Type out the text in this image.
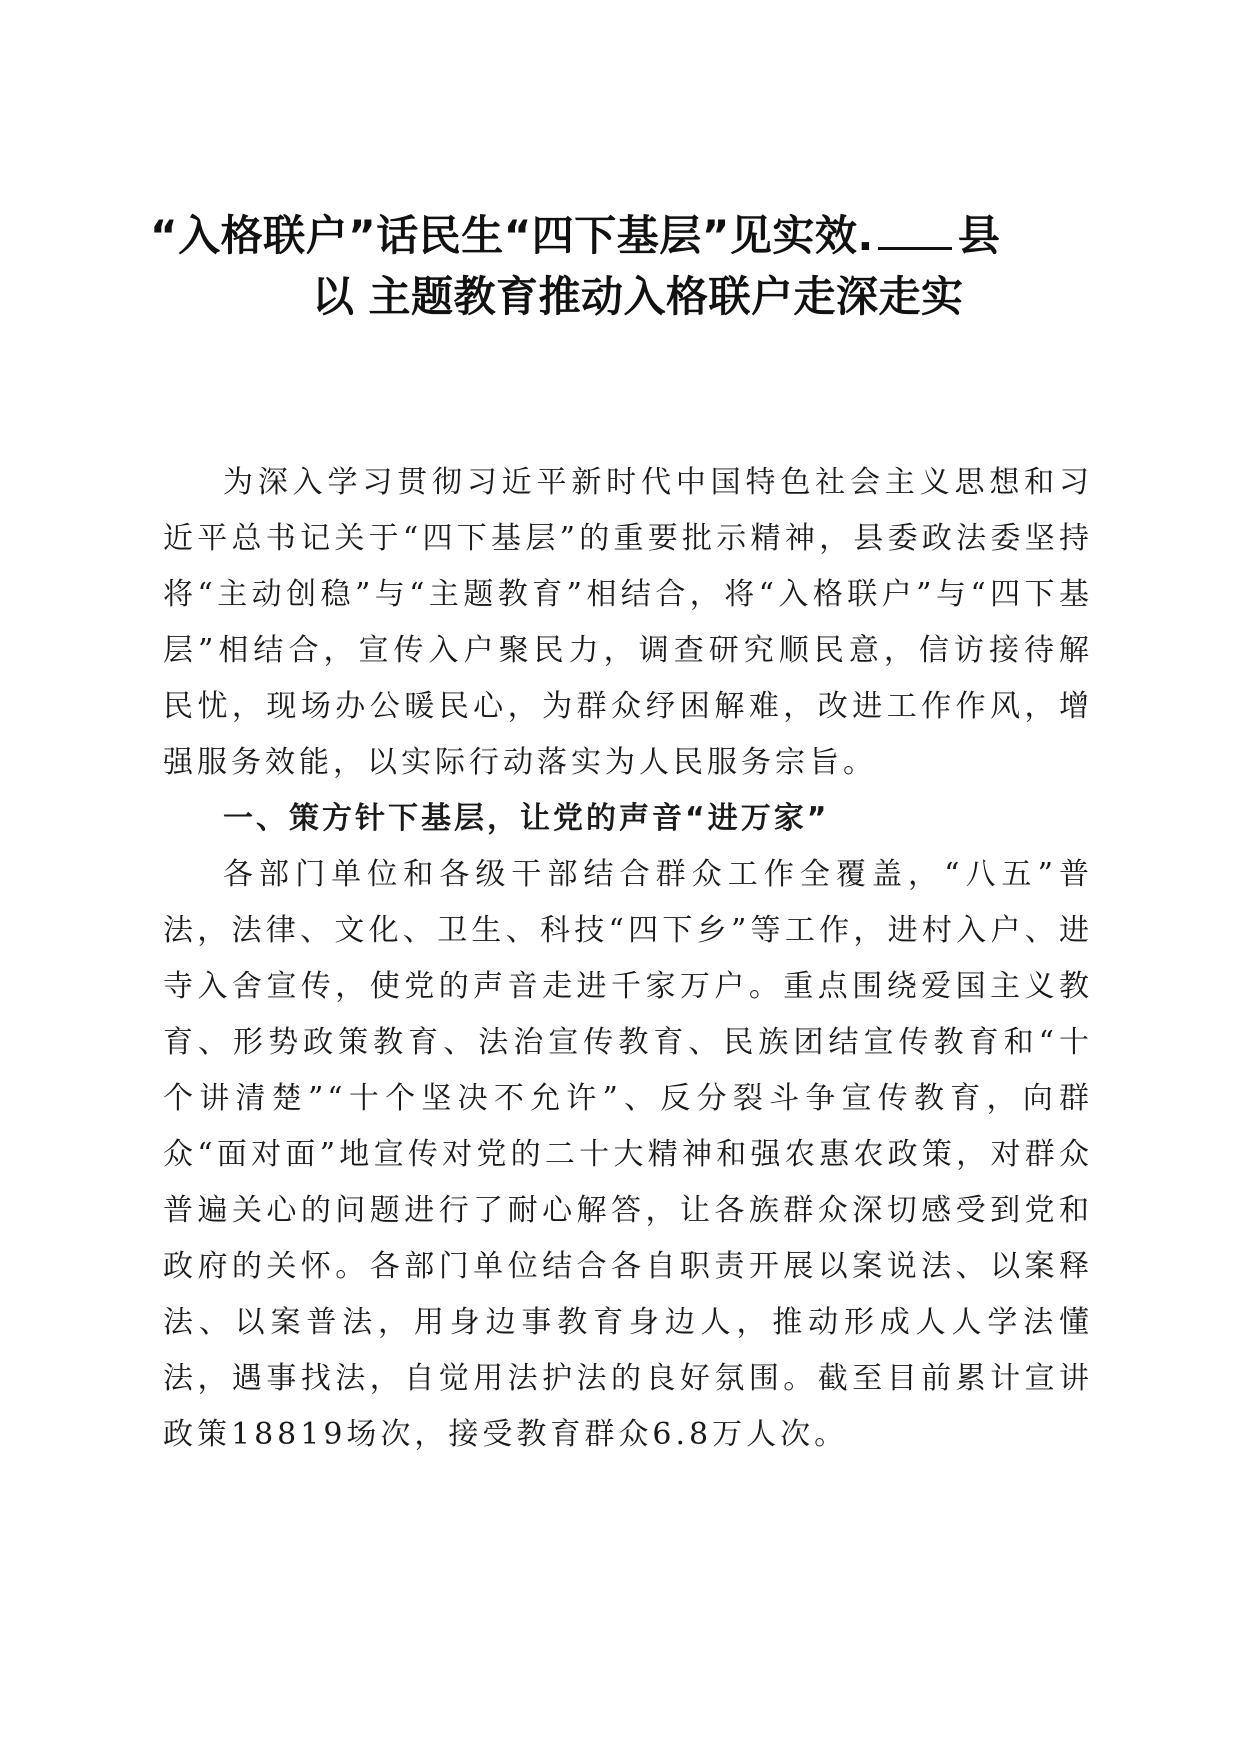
“入格联户”话民生“四下基层”见实效. 县
以 主题教育推动入格联户走深走实

为深入学习贯彻习近平新时代中国特色社会主义思想和习近平总书记关于“四下基层”的重要批示精神，县委政法委坚持将“主动创稳”与“主题教育”相结合，将“入格联户”与“四下基层”相结合，宣传入户聚民力，调查研究顺民意，信访接待解民忧，现场办公暖民心，为群众纾困解难，改进工作作风，增强服务效能，以实际行动落实为人民服务宗旨。

一、策方针下基层，让党的声音“进万家”

各部门单位和各级干部结合群众工作全覆盖，“八五”普法，法律、文化、卫生、科技“四下乡”等工作，进村入户、进寺入舍宣传，使党的声音走进千家万户。重点围绕爱国主义教育、形势政策教育、法治宣传教育、民族团结宣传教育和“十个讲清楚”“十个坚决不允许”、反分裂斗争宣传教育，向群众“面对面”地宣传对党的二十大精神和强农惠农政策，对群众普遍关心的问题进行了耐心解答，让各族群众深切感受到党和政府的关怀。各部门单位结合各自职责开展以案说法、以案释法、以案普法，用身边事教育身边人，推动形成人人学法懂法，遇事找法，自觉用法护法的良好氛围。截至目前累计宣讲政策18819场次，接受教育群众6.8万人次。
